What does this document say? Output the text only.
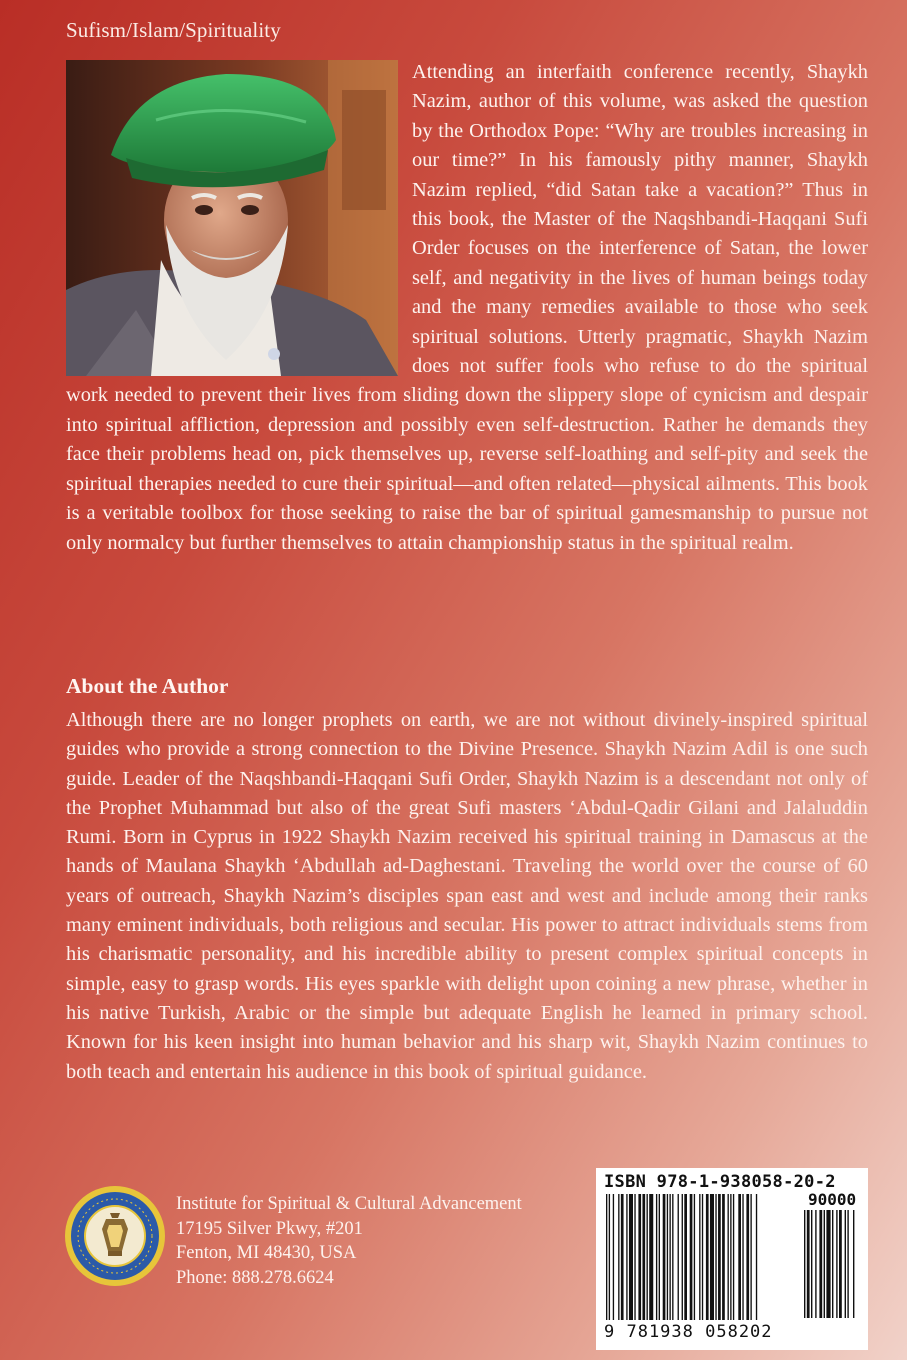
Sufism/Islam/Spirituality
Attending an interfaith conference recently, Shaykh Nazim, author of this volume, was asked the question by the Orthodox Pope: “Why are troubles increasing in our time?” In his famously pithy manner, Shaykh Nazim replied, “did Satan take a vacation?” Thus in this book, the Master of the Naqshbandi-Haqqani Sufi Order focuses on the interference of Satan, the lower self, and negativity in the lives of human beings today and the many remedies available to those who seek spiritual solutions. Utterly pragmatic, Shaykh Nazim does not suffer fools who refuse to do the spiritual work needed to prevent their lives from sliding down the slippery slope of cynicism and despair into spiritual affliction, depression and possibly even self-destruction. Rather he demands they face their problems head on, pick themselves up, reverse self-loathing and self-pity and seek the spiritual therapies needed to cure their spiritual—and often related—physical ailments. This book is a veritable toolbox for those seeking to raise the bar of spiritual gamesmanship to pursue not only normalcy but further themselves to attain championship status in the spiritual realm.
About the Author
Although there are no longer prophets on earth, we are not without divinely-inspired spiritual guides who provide a strong connection to the Divine Presence. Shaykh Nazim Adil is one such guide. Leader of the Naqshbandi-Haqqani Sufi Order, Shaykh Nazim is a descendant not only of the Prophet Muhammad but also of the great Sufi masters ‘Abdul-Qadir Gilani and Jalaluddin Rumi. Born in Cyprus in 1922 Shaykh Nazim received his spiritual training in Damascus at the hands of Maulana Shaykh ‘Abdullah ad-Daghestani. Traveling the world over the course of 60 years of outreach, Shaykh Nazim’s disciples span east and west and include among their ranks many eminent individuals, both religious and secular. His power to attract individuals stems from his charismatic personality, and his incredible ability to present complex spiritual concepts in simple, easy to grasp words. His eyes sparkle with delight upon coining a new phrase, whether in his native Turkish, Arabic or the simple but adequate English he learned in primary school. Known for his keen insight into human behavior and his sharp wit, Shaykh Nazim continues to both teach and entertain his audience in this book of spiritual guidance.
Institute for Spiritual & Cultural Advancement
17195 Silver Pkwy, #201
Fenton, MI 48430, USA
Phone: 888.278.6624
ISBN 978-1-938058-20-2
90000
9 781938 058202
